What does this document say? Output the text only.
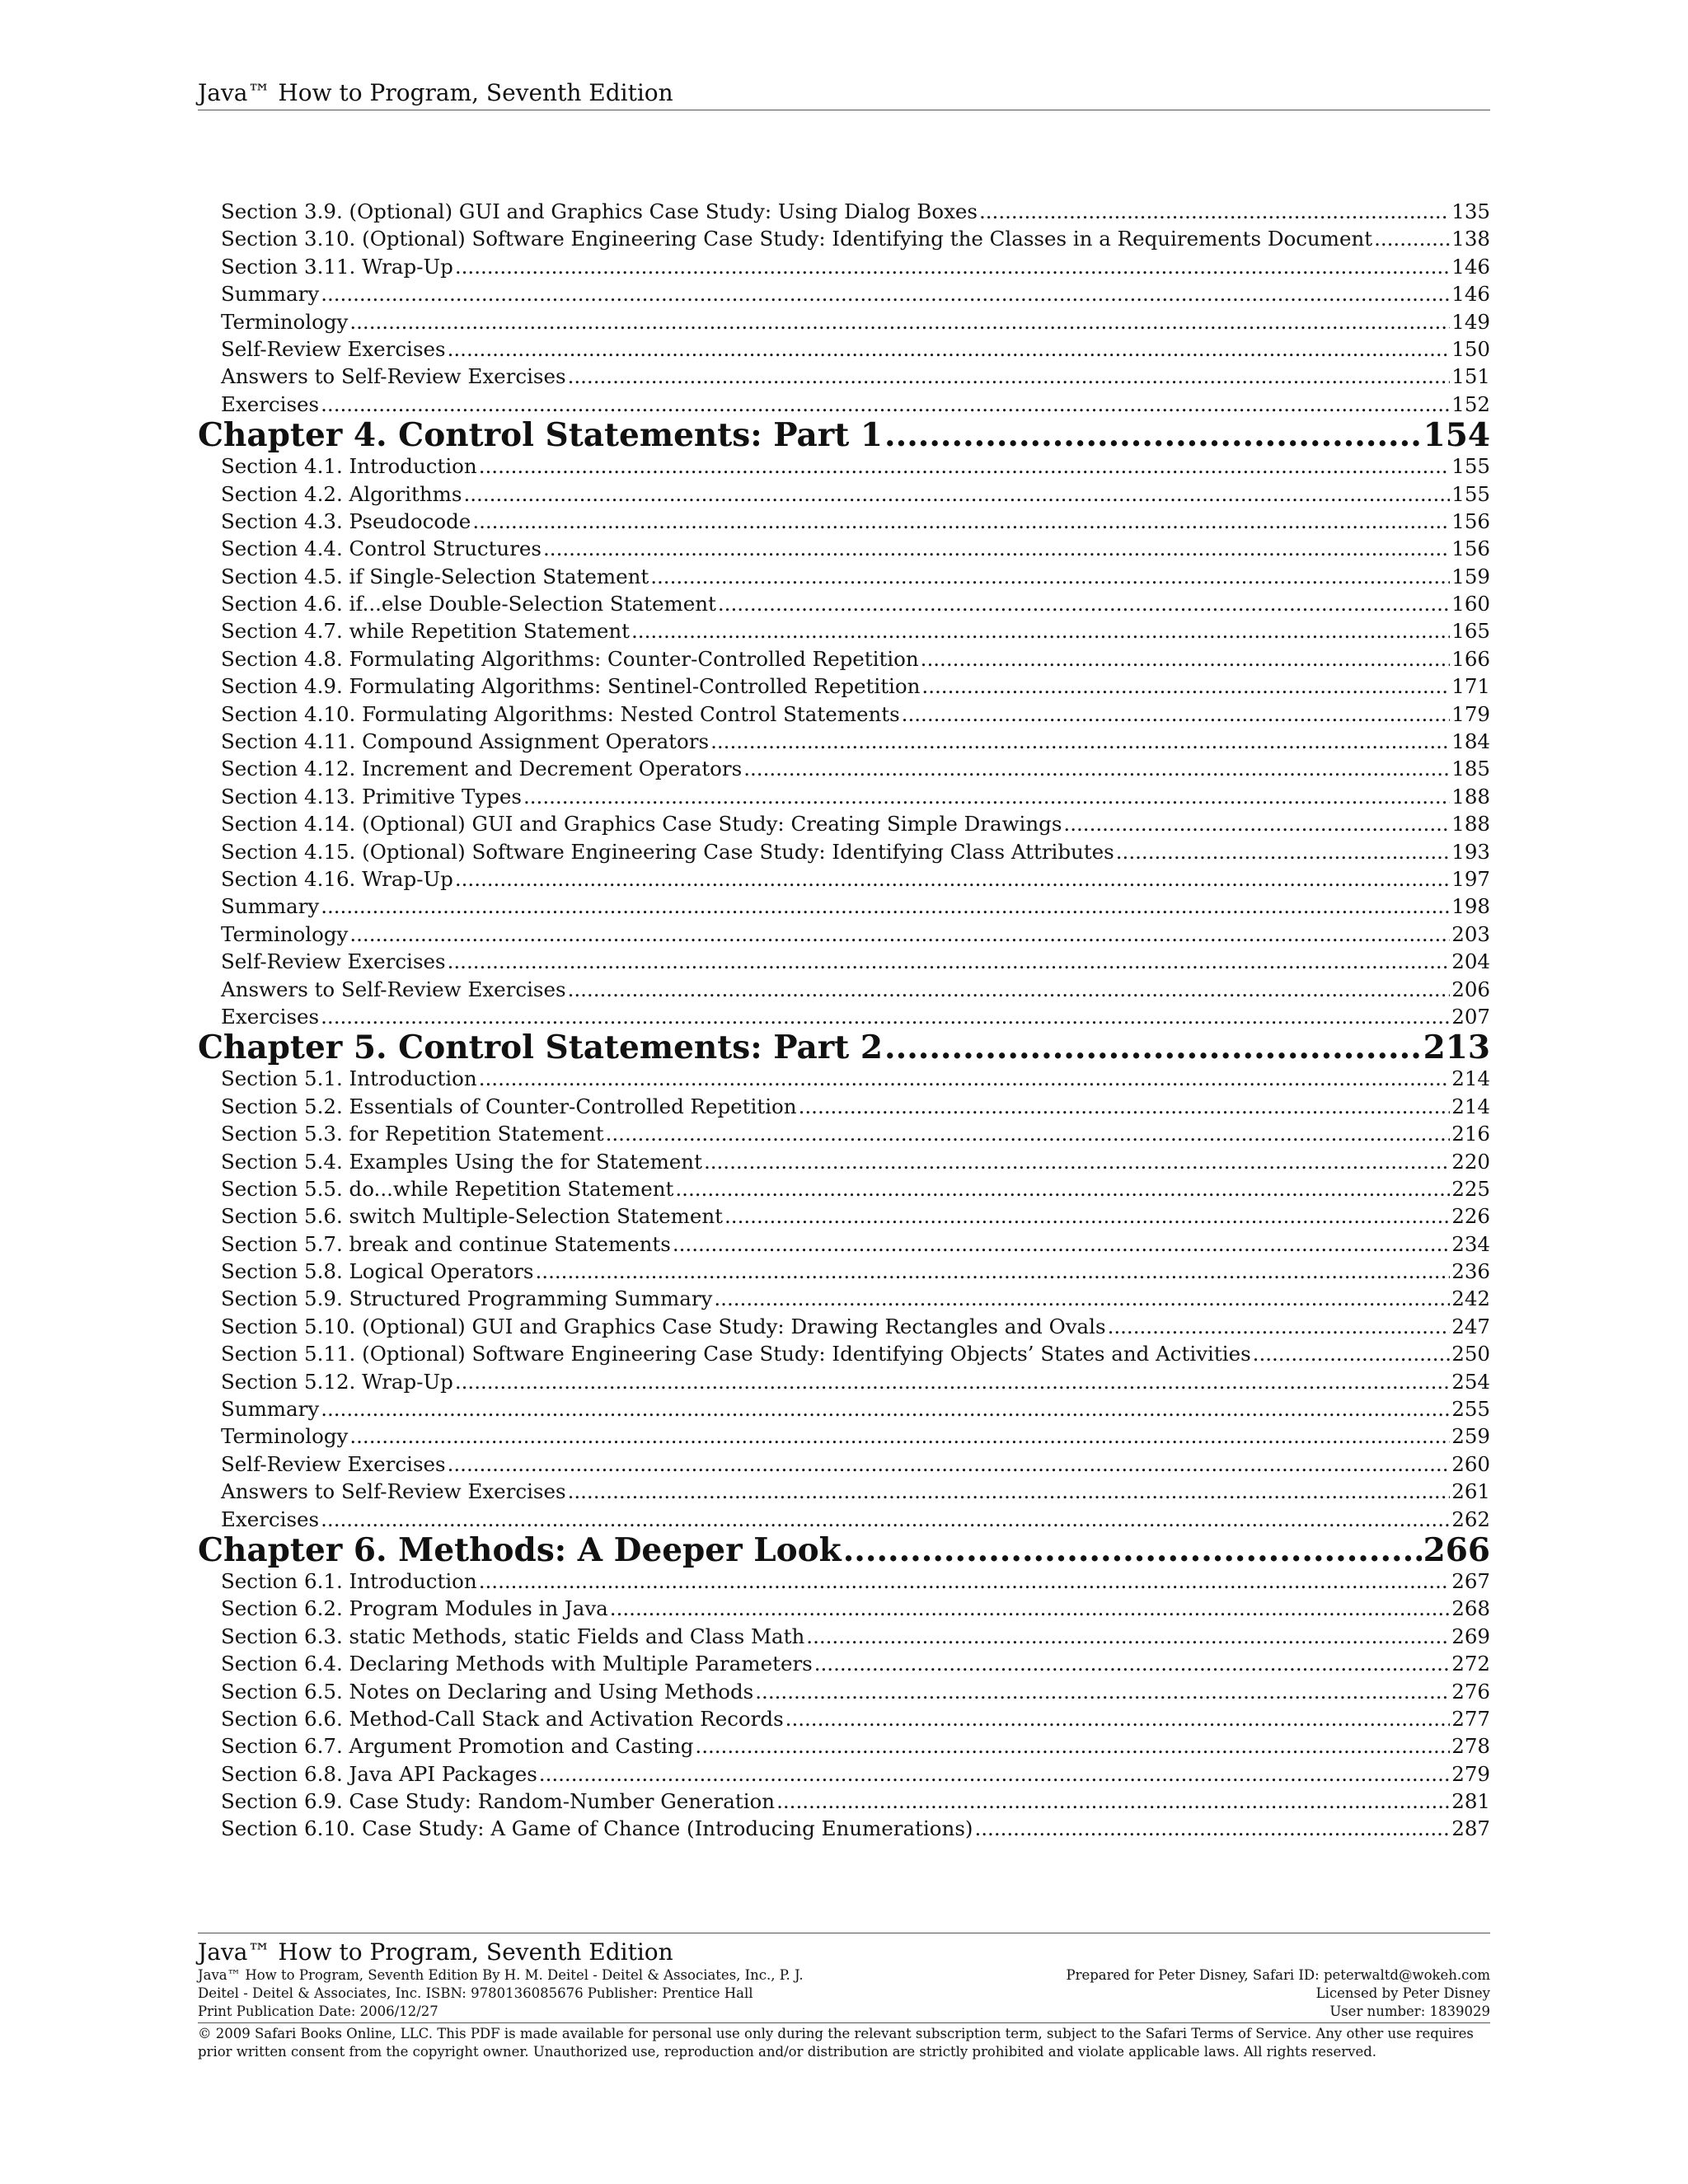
Java™ How to Program, Seventh Edition
Section 3.9. (Optional) GUI and Graphics Case Study: Using Dialog Boxes .....	135
Section 3.10. (Optional) Software Engineering Case Study: Identifying the Classes in a Requirements Document .....	138
Section 3.11. Wrap-Up .....	146
Summary .....	146
Terminology .....	149
Self-Review Exercises .....	150
Answers to Self-Review Exercises .....	151
Exercises .....	152
Chapter 4. Control Statements: Part 1 .....	154
Section 4.1. Introduction .....	155
Section 4.2. Algorithms .....	155
Section 4.3. Pseudocode .....	156
Section 4.4. Control Structures .....	156
Section 4.5. if Single-Selection Statement .....	159
Section 4.6. if...else Double-Selection Statement .....	160
Section 4.7. while Repetition Statement .....	165
Section 4.8. Formulating Algorithms: Counter-Controlled Repetition .....	166
Section 4.9. Formulating Algorithms: Sentinel-Controlled Repetition .....	171
Section 4.10. Formulating Algorithms: Nested Control Statements .....	179
Section 4.11. Compound Assignment Operators .....	184
Section 4.12. Increment and Decrement Operators .....	185
Section 4.13. Primitive Types .....	188
Section 4.14. (Optional) GUI and Graphics Case Study: Creating Simple Drawings .....	188
Section 4.15. (Optional) Software Engineering Case Study: Identifying Class Attributes .....	193
Section 4.16. Wrap-Up .....	197
Summary .....	198
Terminology .....	203
Self-Review Exercises .....	204
Answers to Self-Review Exercises .....	206
Exercises .....	207
Chapter 5. Control Statements: Part 2 .....	213
Section 5.1. Introduction .....	214
Section 5.2. Essentials of Counter-Controlled Repetition .....	214
Section 5.3. for Repetition Statement .....	216
Section 5.4. Examples Using the for Statement .....	220
Section 5.5. do...while Repetition Statement .....	225
Section 5.6. switch Multiple-Selection Statement .....	226
Section 5.7. break and continue Statements .....	234
Section 5.8. Logical Operators .....	236
Section 5.9. Structured Programming Summary .....	242
Section 5.10. (Optional) GUI and Graphics Case Study: Drawing Rectangles and Ovals .....	247
Section 5.11. (Optional) Software Engineering Case Study: Identifying Objects’ States and Activities .....	250
Section 5.12. Wrap-Up .....	254
Summary .....	255
Terminology .....	259
Self-Review Exercises .....	260
Answers to Self-Review Exercises .....	261
Exercises .....	262
Chapter 6. Methods: A Deeper Look .....	266
Section 6.1. Introduction .....	267
Section 6.2. Program Modules in Java .....	268
Section 6.3. static Methods, static Fields and Class Math .....	269
Section 6.4. Declaring Methods with Multiple Parameters .....	272
Section 6.5. Notes on Declaring and Using Methods .....	276
Section 6.6. Method-Call Stack and Activation Records .....	277
Section 6.7. Argument Promotion and Casting .....	278
Section 6.8. Java API Packages .....	279
Section 6.9. Case Study: Random-Number Generation .....	281
Section 6.10. Case Study: A Game of Chance (Introducing Enumerations) .....	287
Java™ How to Program, Seventh Edition
Java™ How to Program, Seventh Edition By H. M. Deitel - Deitel & Associates, Inc., P. J.
Deitel - Deitel & Associates, Inc. ISBN: 9780136085676 Publisher: Prentice Hall
Print Publication Date: 2006/12/27
Prepared for Peter Disney, Safari ID: peterwaltd@wokeh.com
Licensed by Peter Disney
User number: 1839029
© 2009 Safari Books Online, LLC. This PDF is made available for personal use only during the relevant subscription term, subject to the Safari Terms of Service. Any other use requires prior written consent from the copyright owner. Unauthorized use, reproduction and/or distribution are strictly prohibited and violate applicable laws. All rights reserved.
